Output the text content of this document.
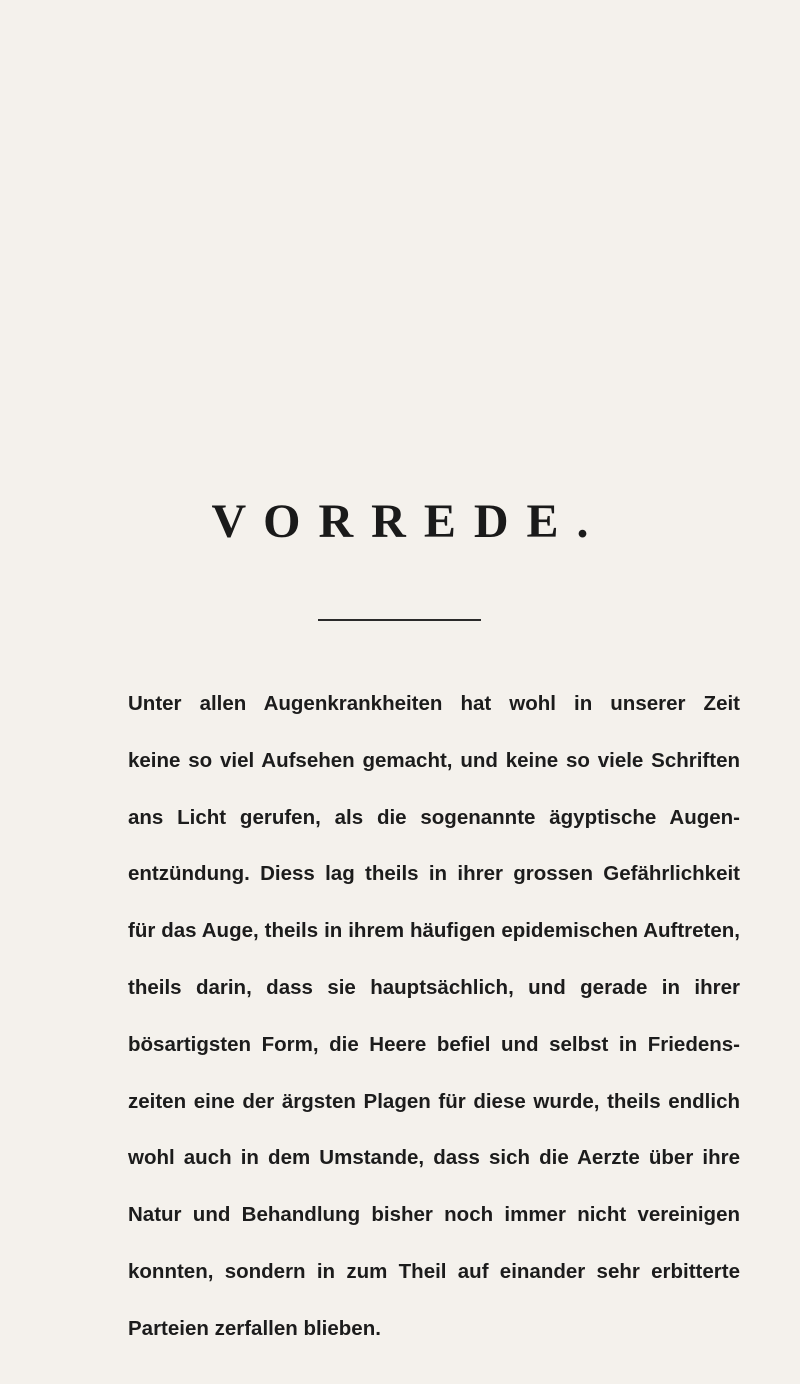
VORREDE.
Unter allen Augenkrankheiten hat wohl in unserer Zeit
keine so viel Aufsehen gemacht, und keine so viele Schriften
ans Licht gerufen, als die sogenannte ägyptische Augen-
entzündung. Diess lag theils in ihrer grossen Gefährlichkeit
für das Auge, theils in ihrem häufigen epidemischen Auftreten,
theils darin, dass sie hauptsächlich, und gerade in ihrer
bösartigsten Form, die Heere befiel und selbst in Friedens-
zeiten eine der ärgsten Plagen für diese wurde, theils endlich
wohl auch in dem Umstande, dass sich die Aerzte über ihre
Natur und Behandlung bisher noch immer nicht vereinigen
konnten, sondern in zum Theil auf einander sehr erbitterte
Parteien zerfallen blieben.
